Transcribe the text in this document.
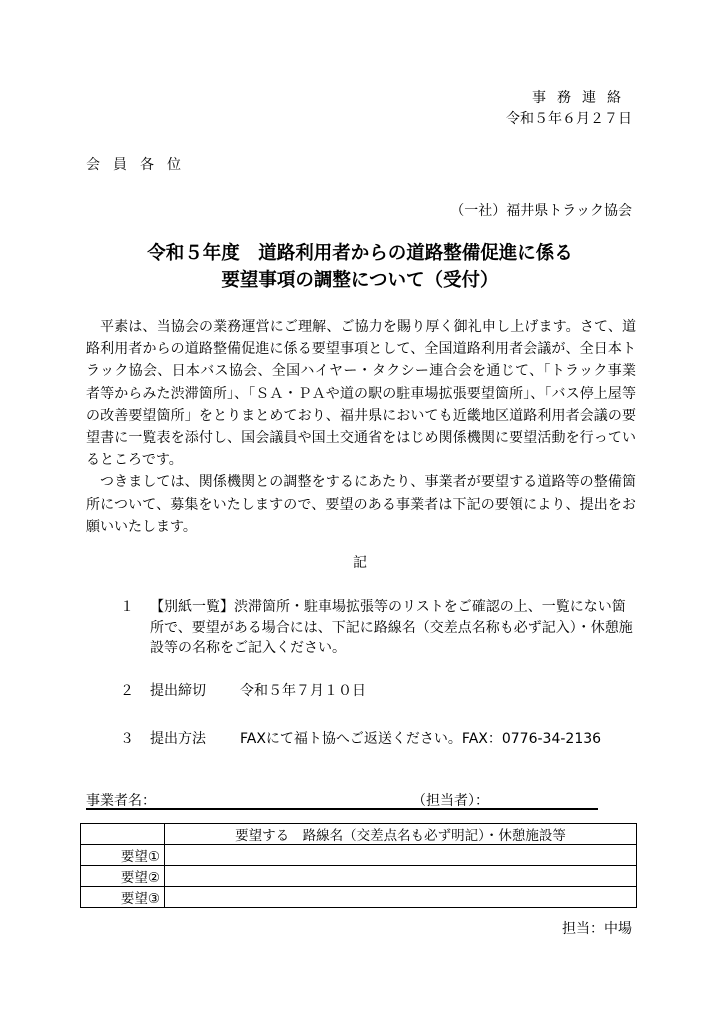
事務連絡
令和５年６月２７日
会員各位
（一社）福井県トラック協会
令和５年度　道路利用者からの道路整備促進に係る
要望事項の調整について（受付）

平素は、当協会の業務運営にご理解、ご協力を賜り厚く御礼申し上げます。さて、道路利用者からの道路整備促進に係る要望事項として、全国道路利用者会議が、全日本トラック協会、日本バス協会、全国ハイヤー・タクシー連合会を通じて、「トラック事業者等からみた渋滞箇所」、「ＳＡ・ＰＡや道の駅の駐車場拡張要望箇所」、「バス停上屋等の改善要望箇所」をとりまとめており、福井県においても近畿地区道路利用者会議の要望書に一覧表を添付し、国会議員や国土交通省をはじめ関係機関に要望活動を行っているところです。

つきましては、関係機関との調整をするにあたり、事業者が要望する道路等の整備箇所について、募集をいたしますので、要望のある事業者は下記の要領により、提出をお願いいたします。

記
１ 【別紙一覧】渋滞箇所・駐車場拡張等のリストをご確認の上、一覧にない箇所で、要望がある場合には、下記に路線名（交差点名称も必ず記入）・休憩施設等の名称をご記入ください。
２ 提出締切 令和５年７月１０日
３ 提出方法 FAXにて福ト協へご返送ください。FAX：0776-34-2136
事業者名：	（担当者）：
	要望する　路線名（交差点名も必ず明記）・休憩施設等
要望①	
要望②	
要望③	
担当：中場
